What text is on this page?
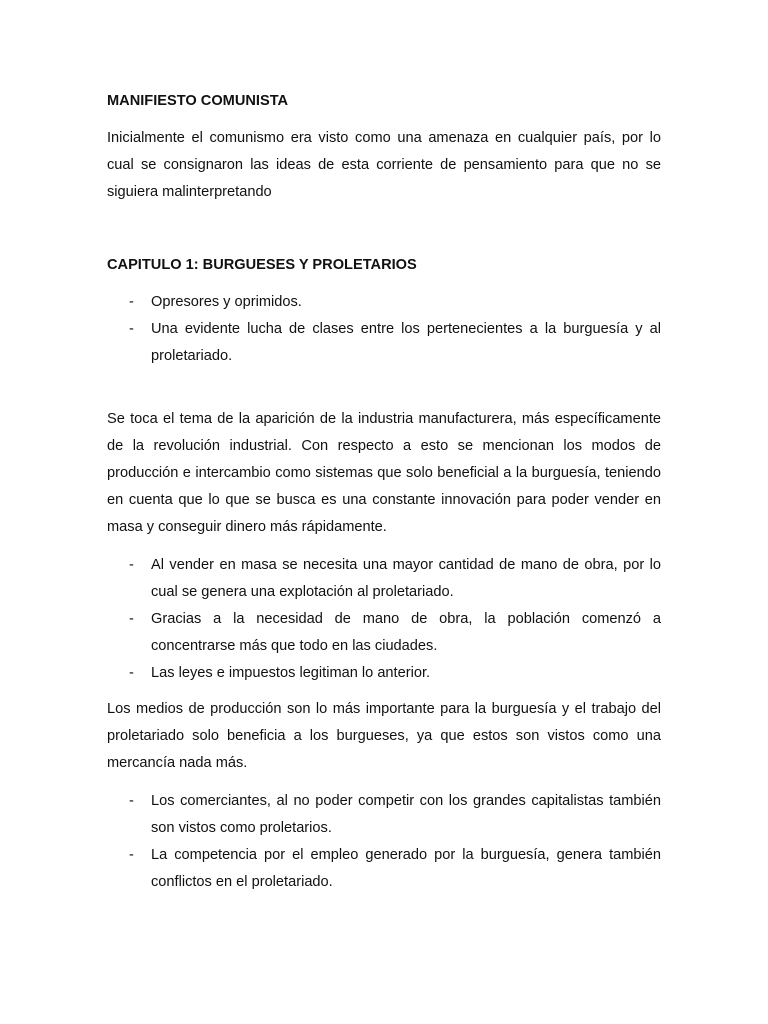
MANIFIESTO COMUNISTA

Inicialmente el comunismo era visto como una amenaza en cualquier país, por lo cual se consignaron las ideas de esta corriente de pensamiento para que no se siguiera malinterpretando

CAPITULO 1: BURGUESES Y PROLETARIOS
- Opresores y oprimidos.
- Una evidente lucha de clases entre los pertenecientes a la burguesía y al proletariado.

Se toca el tema de la aparición de la industria manufacturera, más específicamente de la revolución industrial. Con respecto a esto se mencionan los modos de producción e intercambio como sistemas que solo beneficial a la burguesía, teniendo en cuenta que lo que se busca es una constante innovación para poder vender en masa y conseguir dinero más rápidamente.

- Al vender en masa se necesita una mayor cantidad de mano de obra, por lo cual se genera una explotación al proletariado.
- Gracias a la necesidad de mano de obra, la población comenzó a concentrarse más que todo en las ciudades.
- Las leyes e impuestos legitiman lo anterior.

Los medios de producción son lo más importante para la burguesía y el trabajo del proletariado solo beneficia a los burgueses, ya que estos son vistos como una mercancía nada más.

- Los comerciantes, al no poder competir con los grandes capitalistas también son vistos como proletarios.
- La competencia por el empleo generado por la burguesía, genera también conflictos en el proletariado.
